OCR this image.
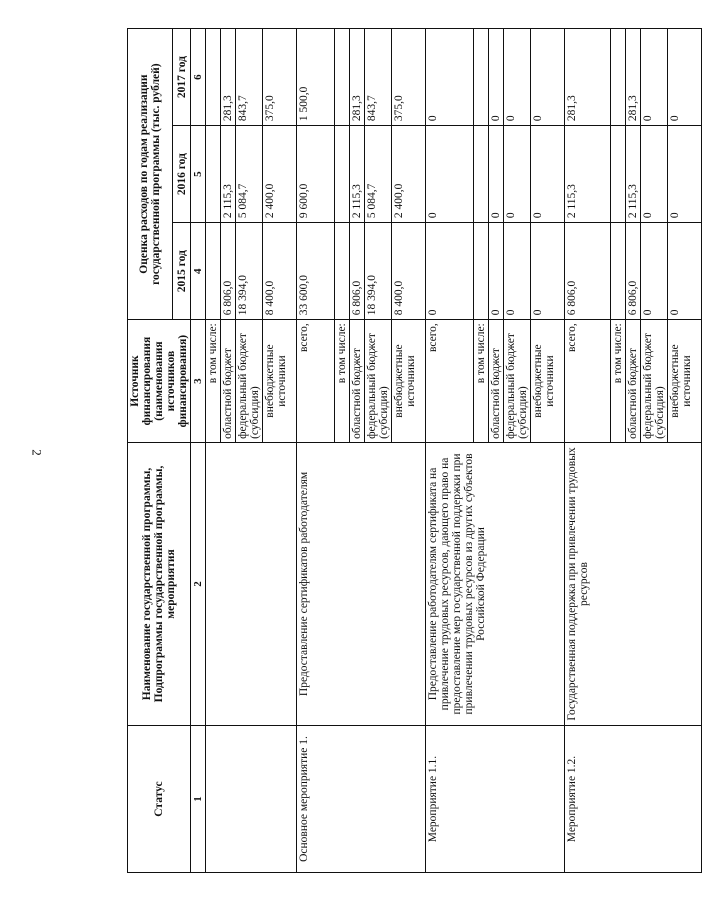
2
Статус	Наименование государственной программы, Подпрограммы государственной программы, мероприятия	Источник финансирования (наименования источников финансирования)	Оценка расходов по годам реализации государственной программы (тыс. рублей)		
			2015 год	2016 год	2017 год
1	2	3	4	5	6
		в том числе:			
		областной бюджет	6 806,0	2 115,3	281,3
		федеральный бюджет (субсидия)	18 394,0	5 084,7	843,7
		внебюджетные источники	8 400,0	2 400,0	375,0
Основное мероприятие 1.	Предоставление сертификатов работодателям	всего,	33 600,0	9 600,0	1 500,0
		в том числе:			
		областной бюджет	6 806,0	2 115,3	281,3
		федеральный бюджет (субсидия)	18 394,0	5 084,7	843,7
		внебюджетные источники	8 400,0	2 400,0	375,0
Мероприятие 1.1.	Предоставление работодателям сертификата на привлечение трудовых ресурсов, дающего право на предоставление мер государственной поддержки при привлечении трудовых ресурсов из других субъектов Российской Федерации	всего,	0	0	0
		в том числе:			
		областной бюджет	0	0	0
		федеральный бюджет (субсидия)	0	0	0
		внебюджетные источники	0	0	0
Мероприятие 1.2.	Государственная поддержка при привлечении трудовых ресурсов	всего,	6 806,0	2 115,3	281,3
		в том числе:			
		областной бюджет	6 806,0	2 115,3	281,3
		федеральный бюджет (субсидия)	0	0	0
		внебюджетные источники	0	0	0
